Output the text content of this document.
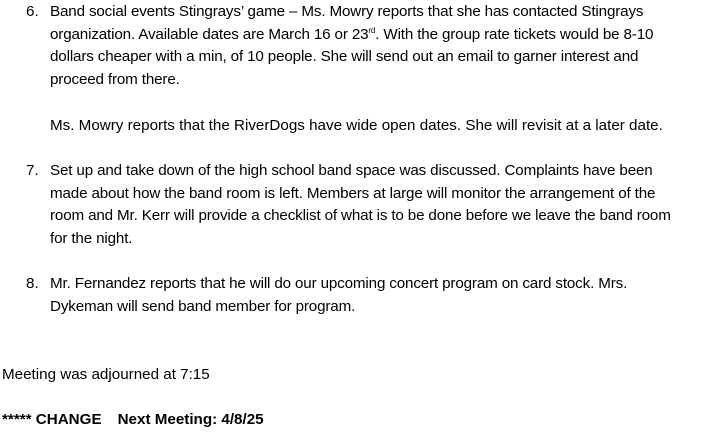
6. Band social events Stingrays’ game – Ms. Mowry reports that she has contacted Stingrays organization. Available dates are March 16 or 23rd. With the group rate tickets would be 8-10 dollars cheaper with a min, of 10 people. She will send out an email to garner interest and proceed from there.

Ms. Mowry reports that the RiverDogs have wide open dates. She will revisit at a later date.

7. Set up and take down of the high school band space was discussed. Complaints have been made about how the band room is left. Members at large will monitor the arrangement of the room and Mr. Kerr will provide a checklist of what is to be done before we leave the band room for the night.

8. Mr. Fernandez reports that he will do our upcoming concert program on card stock. Mrs. Dykeman will send band member for program.

Meeting was adjourned at 7:15
***** CHANGE Next Meeting: 4/8/25
